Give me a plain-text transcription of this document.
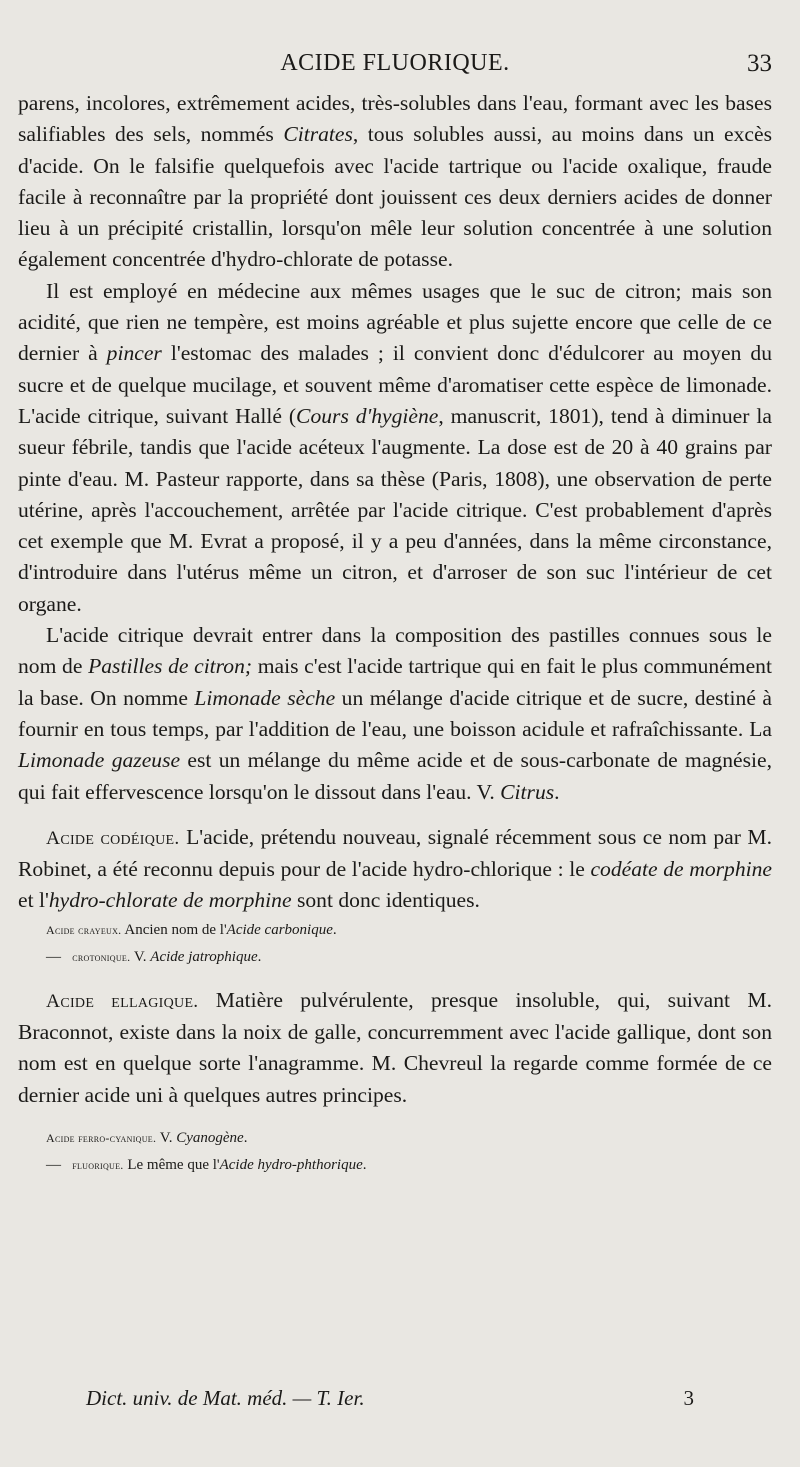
ACIDE FLUORIQUE.	33

parens, incolores, extrêmement acides, très-solubles dans l'eau, formant avec les bases salifiables des sels, nommés Citrates, tous solubles aussi, au moins dans un excès d'acide. On le falsifie quelquefois avec l'acide tartrique ou l'acide oxalique, fraude facile à reconnaître par la propriété dont jouissent ces deux derniers acides de donner lieu à un précipité cristallin, lorsqu'on mêle leur solution concentrée à une solution également concentrée d'hydro-chlorate de potasse.

Il est employé en médecine aux mêmes usages que le suc de citron; mais son acidité, que rien ne tempère, est moins agréable et plus sujette encore que celle de ce dernier à pincer l'estomac des malades ; il convient donc d'édulcorer au moyen du sucre et de quelque mucilage, et souvent même d'aromatiser cette espèce de limonade. L'acide citrique, suivant Hallé (Cours d'hygiène, manuscrit, 1801), tend à diminuer la sueur fébrile, tandis que l'acide acéteux l'augmente. La dose est de 20 à 40 grains par pinte d'eau. M. Pasteur rapporte, dans sa thèse (Paris, 1808), une observation de perte utérine, après l'accouchement, arrêtée par l'acide citrique. C'est probablement d'après cet exemple que M. Evrat a proposé, il y a peu d'années, dans la même circonstance, d'introduire dans l'utérus même un citron, et d'arroser de son suc l'intérieur de cet organe.

L'acide citrique devrait entrer dans la composition des pastilles connues sous le nom de Pastilles de citron; mais c'est l'acide tartrique qui en fait le plus communément la base. On nomme Limonade sèche un mélange d'acide citrique et de sucre, destiné à fournir en tous temps, par l'addition de l'eau, une boisson acidule et rafraîchissante. La Limonade gazeuse est un mélange du même acide et de sous-carbonate de magnésie, qui fait effervescence lorsqu'on le dissout dans l'eau. V. Citrus.

Acide codéique. L'acide, prétendu nouveau, signalé récemment sous ce nom par M. Robinet, a été reconnu depuis pour de l'acide hydro-chlorique : le codéate de morphine et l'hydro-chlorate de morphine sont donc identiques.

Acide crayeux. Ancien nom de l'Acide carbonique.

— crotonique. V. Acide jatrophique.

Acide ellagique. Matière pulvérulente, presque insoluble, qui, suivant M. Braconnot, existe dans la noix de galle, concurremment avec l'acide gallique, dont son nom est en quelque sorte l'anagramme. M. Chevreul la regarde comme formée de ce dernier acide uni à quelques autres principes.

Acide ferro-cyanique. V. Cyanogène.

— fluorique. Le même que l'Acide hydro-phthorique.

Dict. univ. de Mat. méd. — T. Ier.	3
